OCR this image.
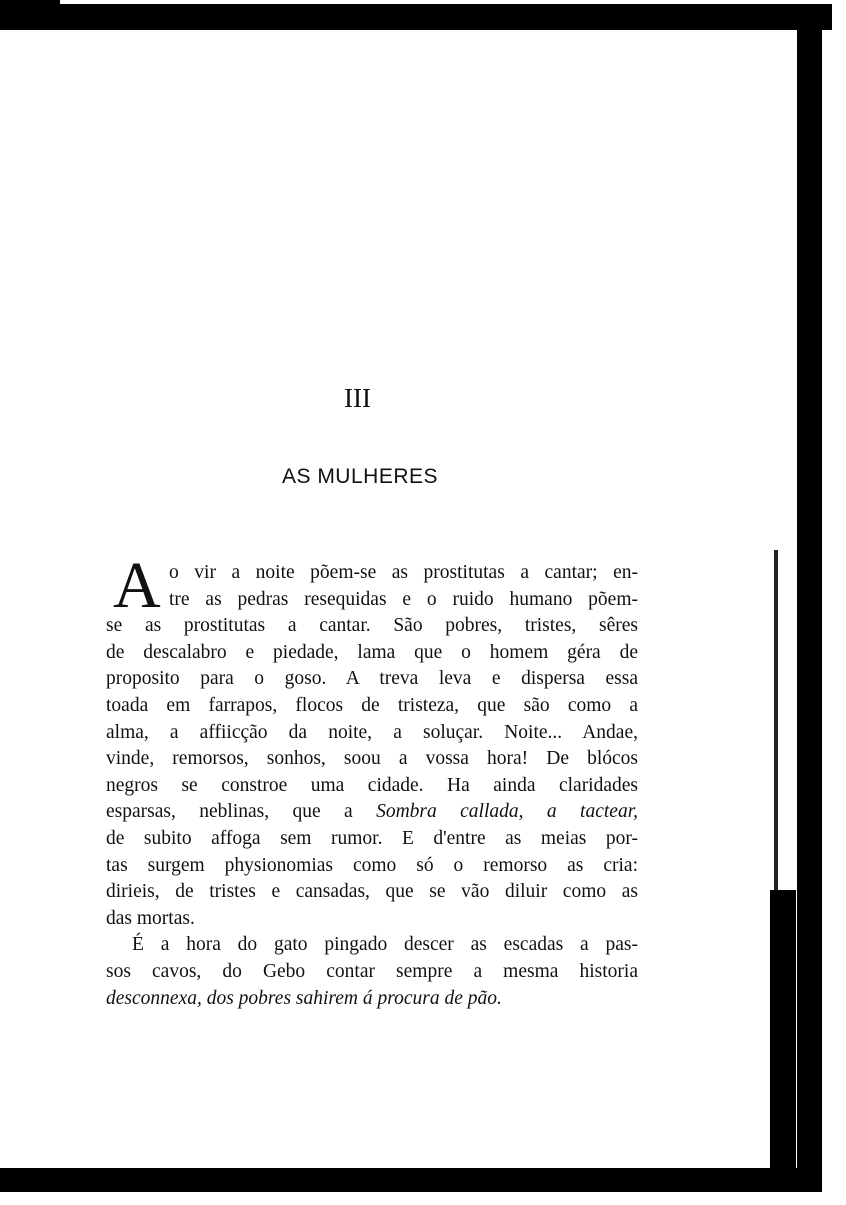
III
AS MULHERES
A o vir a noite põem-se as prostitutas a cantar; en-
tre as pedras resequidas e o ruido humano põem-
se as prostitutas a cantar. São pobres, tristes, sêres
de descalabro e piedade, lama que o homem géra de
proposito para o goso. A treva leva e dispersa essa
toada em farrapos, flocos de tristeza, que são como a
alma, a affiicção da noite, a soluçar. Noite... Andae,
vinde, remorsos, sonhos, soou a vossa hora! De blócos
negros se constroe uma cidade. Ha ainda claridades
esparsas, neblinas, que a Sombra callada, a tactear,
de subito affoga sem rumor. E d'entre as meias por-
tas surgem physionomias como só o remorso as cria:
dirieis, de tristes e cansadas, que se vão diluir como as
das mortas.
É a hora do gato pingado descer as escadas a pas-
sos cavos, do Gebo contar sempre a mesma historia
desconnexa, dos pobres sahirem á procura de pão.
